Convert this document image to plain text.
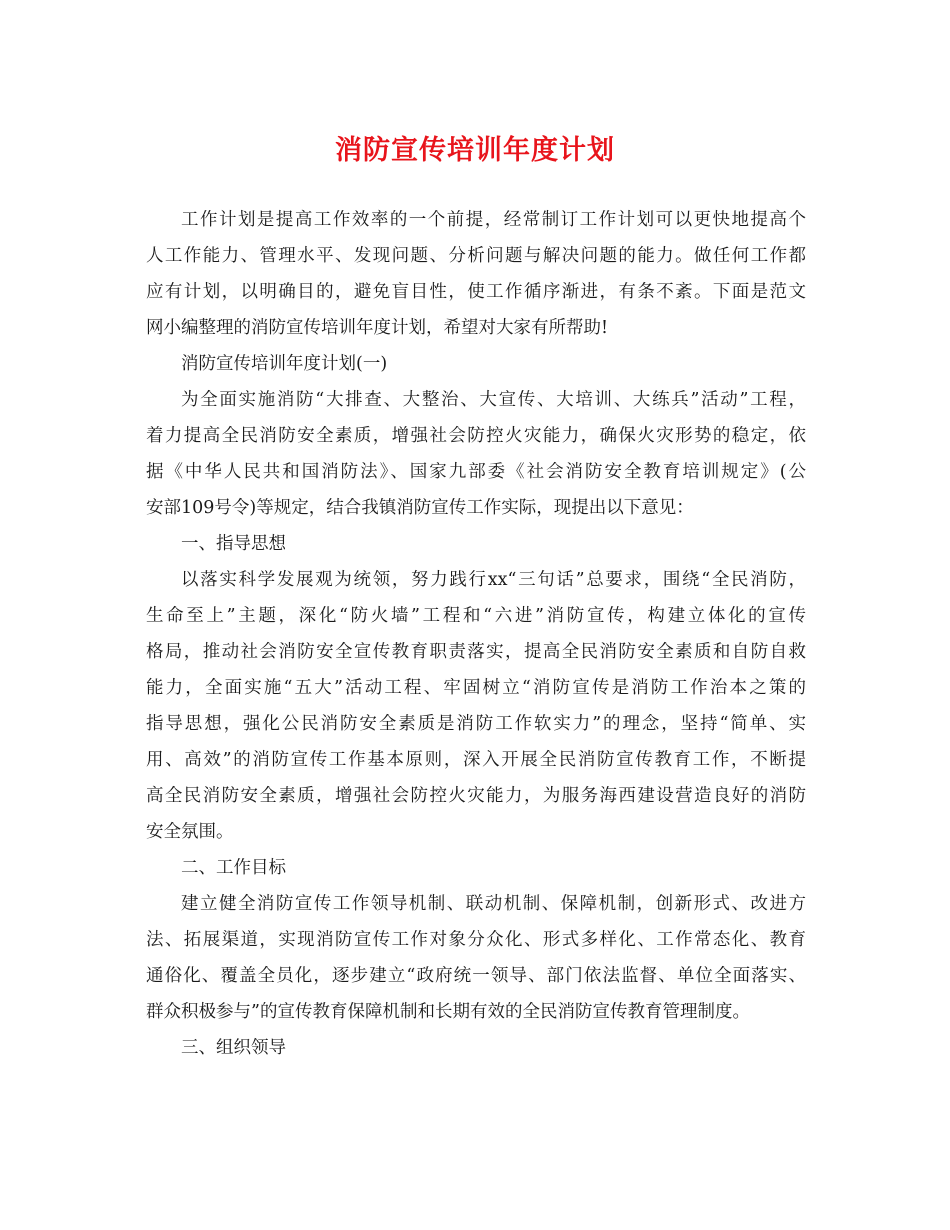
消防宣传培训年度计划
工作计划是提高工作效率的一个前提，经常制订工作计划可以更快地提高个
人工作能力、管理水平、发现问题、分析问题与解决问题的能力。做任何工作都
应有计划，以明确目的，避免盲目性，使工作循序渐进，有条不紊。下面是范文
网小编整理的消防宣传培训年度计划，希望对大家有所帮助!
消防宣传培训年度计划(一)
为全面实施消防“大排查、大整治、大宣传、大培训、大练兵”活动”工程，
着力提高全民消防安全素质，增强社会防控火灾能力，确保火灾形势的稳定，依
据《中华人民共和国消防法》、国家九部委《社会消防安全教育培训规定》(公
安部109号令)等规定，结合我镇消防宣传工作实际，现提出以下意见：
一、指导思想
以落实科学发展观为统领，努力践行xx“三句话”总要求，围绕“全民消防，
生命至上”主题，深化“防火墙”工程和“六进”消防宣传，构建立体化的宣传
格局，推动社会消防安全宣传教育职责落实，提高全民消防安全素质和自防自救
能力，全面实施“五大”活动工程、牢固树立“消防宣传是消防工作治本之策的
指导思想，强化公民消防安全素质是消防工作软实力”的理念，坚持“简单、实
用、高效”的消防宣传工作基本原则，深入开展全民消防宣传教育工作，不断提
高全民消防安全素质，增强社会防控火灾能力，为服务海西建设营造良好的消防
安全氛围。
二、工作目标
建立健全消防宣传工作领导机制、联动机制、保障机制，创新形式、改进方
法、拓展渠道，实现消防宣传工作对象分众化、形式多样化、工作常态化、教育
通俗化、覆盖全员化，逐步建立“政府统一领导、部门依法监督、单位全面落实、
群众积极参与”的宣传教育保障机制和长期有效的全民消防宣传教育管理制度。
三、组织领导
